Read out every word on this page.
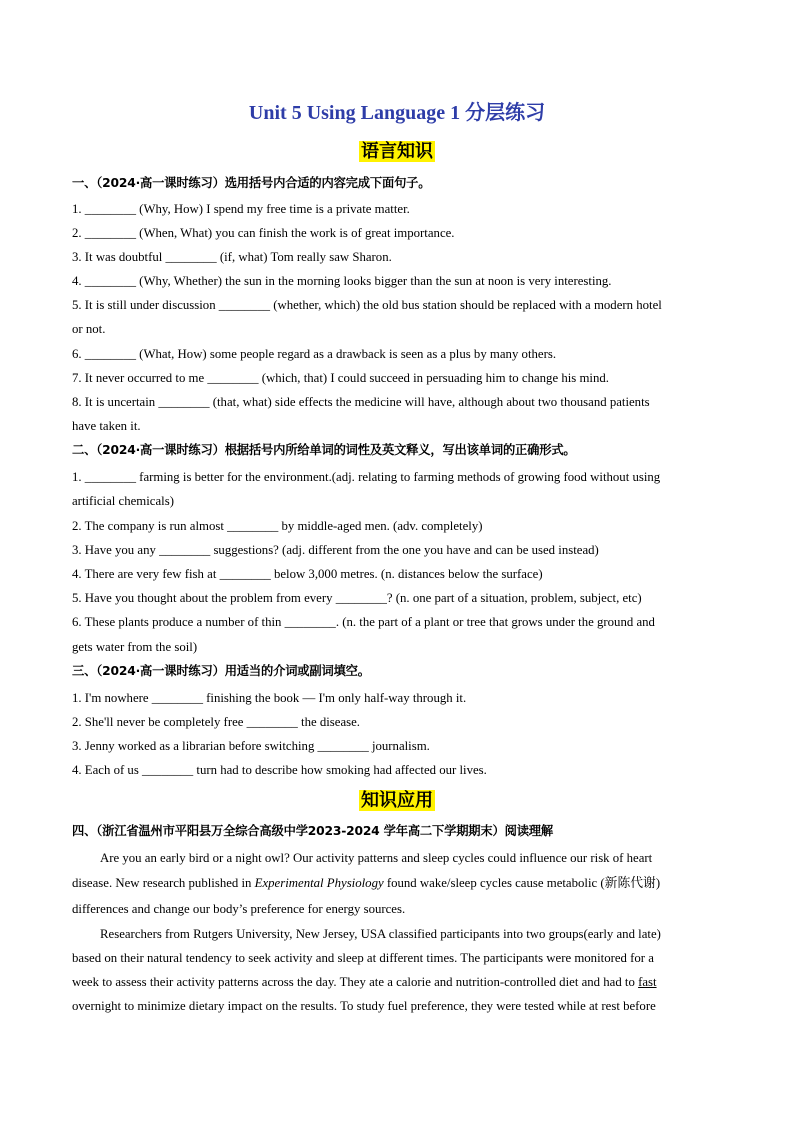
Unit 5 Using Language 1 分层练习
语言知识
一、（2024·高一课时练习）选用括号内合适的内容完成下面句子。
1. ________ (Why, How) I spend my free time is a private matter.
2. ________ (When, What) you can finish the work is of great importance.
3. It was doubtful ________ (if, what) Tom really saw Sharon.
4. ________ (Why, Whether) the sun in the morning looks bigger than the sun at noon is very interesting.
5. It is still under discussion ________ (whether, which) the old bus station should be replaced with a modern hotel
or not.
6. ________ (What, How) some people regard as a drawback is seen as a plus by many others.
7. It never occurred to me ________ (which, that) I could succeed in persuading him to change his mind.
8. It is uncertain ________ (that, what) side effects the medicine will have, although about two thousand patients
have taken it.
二、（2024·高一课时练习）根据括号内所给单词的词性及英文释义，写出该单词的正确形式。
1. ________ farming is better for the environment.(adj. relating to farming methods of growing food without using
artificial chemicals)
2. The company is run almost ________ by middle-aged men. (adv. completely)
3. Have you any ________ suggestions? (adj. different from the one you have and can be used instead)
4. There are very few fish at ________ below 3,000 metres. (n. distances below the surface)
5. Have you thought about the problem from every ________? (n. one part of a situation, problem, subject, etc)
6. These plants produce a number of thin ________. (n. the part of a plant or tree that grows under the ground and
gets water from the soil)
三、（2024·高一课时练习）用适当的介词或副词填空。
1. I'm nowhere ________ finishing the book — I'm only half-way through it.
2. She'll never be completely free ________ the disease.
3. Jenny worked as a librarian before switching ________ journalism.
4. Each of us ________ turn had to describe how smoking had affected our lives.
知识应用
四、（浙江省温州市平阳县万全综合高级中学2023-2024 学年高二下学期期末）阅读理解
Are you an early bird or a night owl? Our activity patterns and sleep cycles could influence our risk of heart
disease. New research published in Experimental Physiology found wake/sleep cycles cause metabolic (新陈代谢)
differences and change our body’s preference for energy sources.
Researchers from Rutgers University, New Jersey, USA classified participants into two groups(early and late)
based on their natural tendency to seek activity and sleep at different times. The participants were monitored for a
week to assess their activity patterns across the day. They ate a calorie and nutrition-controlled diet and had to fast
overnight to minimize dietary impact on the results. To study fuel preference, they were tested while at rest before
